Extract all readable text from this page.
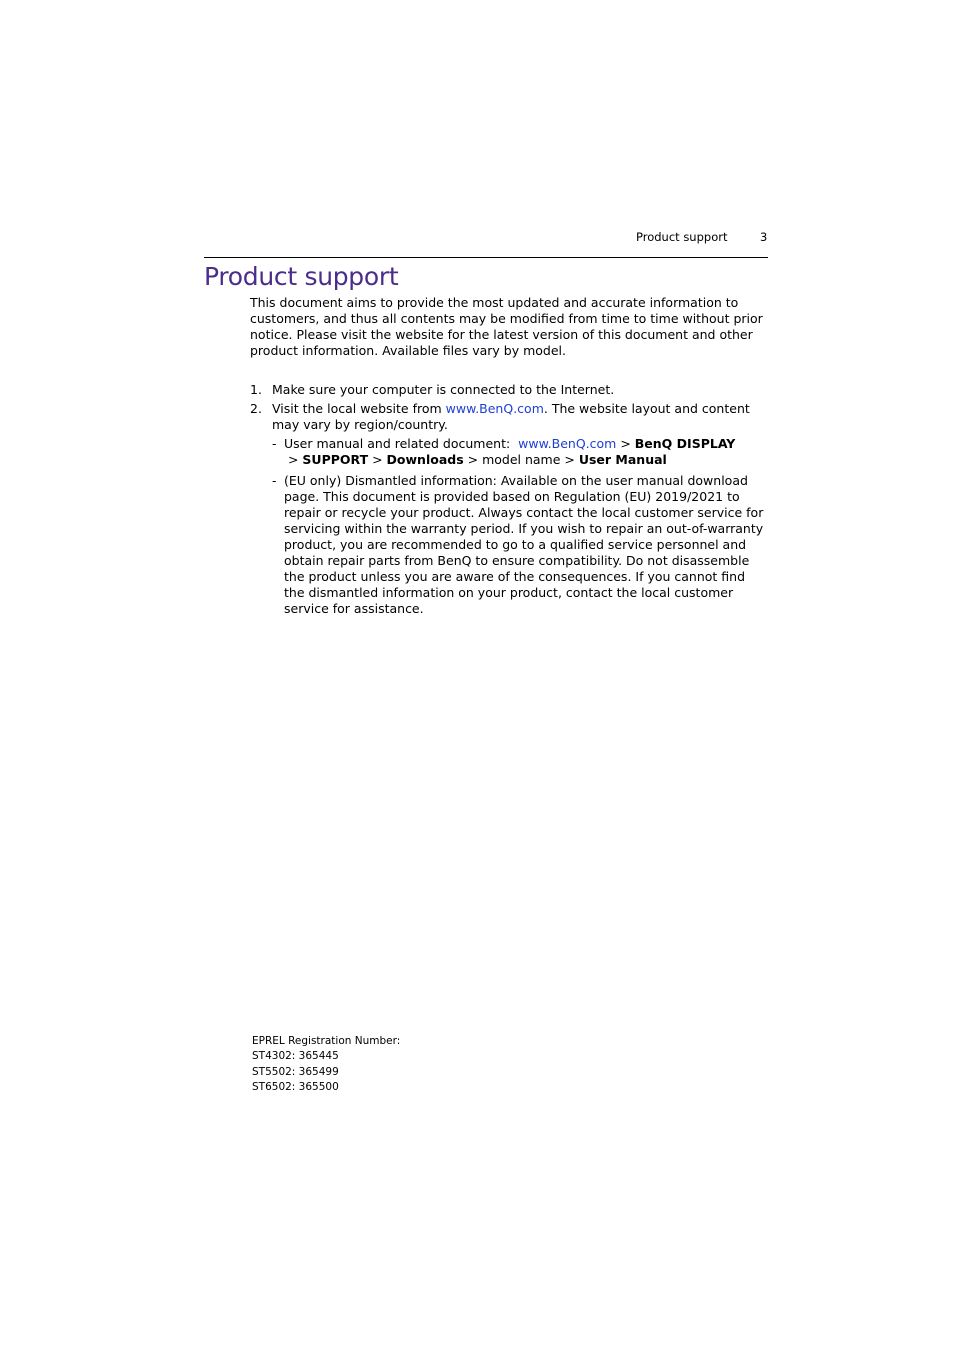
Product support	3
Product support

This document aims to provide the most updated and accurate information to customers, and thus all contents may be modified from time to time without prior notice. Please visit the website for the latest version of this document and other product information. Available files vary by model.

1. Make sure your computer is connected to the Internet.
2. Visit the local website from www.BenQ.com. The website layout and content may vary by region/country.
- User manual and related document:  www.BenQ.com > BenQ DISPLAY > SUPPORT > Downloads > model name > User Manual
- (EU only) Dismantled information: Available on the user manual download page. This document is provided based on Regulation (EU) 2019/2021 to repair or recycle your product. Always contact the local customer service for servicing within the warranty period. If you wish to repair an out-of-warranty product, you are recommended to go to a qualified service personnel and obtain repair parts from BenQ to ensure compatibility. Do not disassemble the product unless you are aware of the consequences. If you cannot find the dismantled information on your product, contact the local customer service for assistance.
EPREL Registration Number:
ST4302: 365445
ST5502: 365499
ST6502: 365500
